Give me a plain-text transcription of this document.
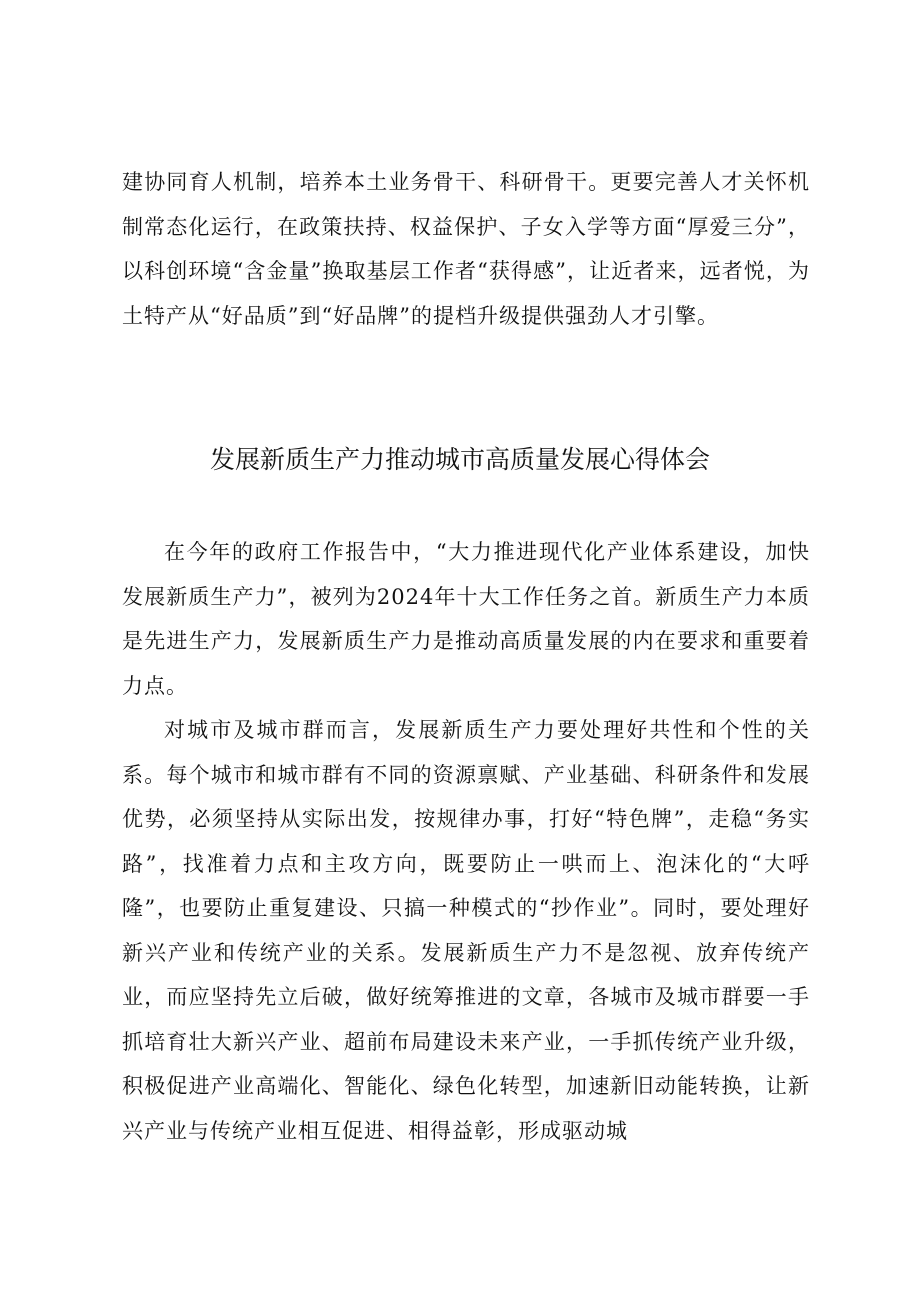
建协同育人机制，培养本土业务骨干、科研骨干。更要完善人才关怀机制常态化运行，在政策扶持、权益保护、子女入学等方面“厚爱三分”，以科创环境“含金量”换取基层工作者“获得感”，让近者来，远者悦，为土特产从“好品质”到“好品牌”的提档升级提供强劲人才引擎。

发展新质生产力推动城市高质量发展心得体会

在今年的政府工作报告中，“大力推进现代化产业体系建设，加快发展新质生产力”，被列为2024年十大工作任务之首。新质生产力本质是先进生产力，发展新质生产力是推动高质量发展的内在要求和重要着力点。

对城市及城市群而言，发展新质生产力要处理好共性和个性的关系。每个城市和城市群有不同的资源禀赋、产业基础、科研条件和发展优势，必须坚持从实际出发，按规律办事，打好“特色牌”，走稳“务实路”，找准着力点和主攻方向，既要防止一哄而上、泡沫化的“大呼隆”，也要防止重复建设、只搞一种模式的“抄作业”。同时，要处理好新兴产业和传统产业的关系。发展新质生产力不是忽视、放弃传统产业，而应坚持先立后破，做好统筹推进的文章，各城市及城市群要一手抓培育壮大新兴产业、超前布局建设未来产业，一手抓传统产业升级，积极促进产业高端化、智能化、绿色化转型，加速新旧动能转换，让新兴产业与传统产业相互促进、相得益彰，形成驱动城
